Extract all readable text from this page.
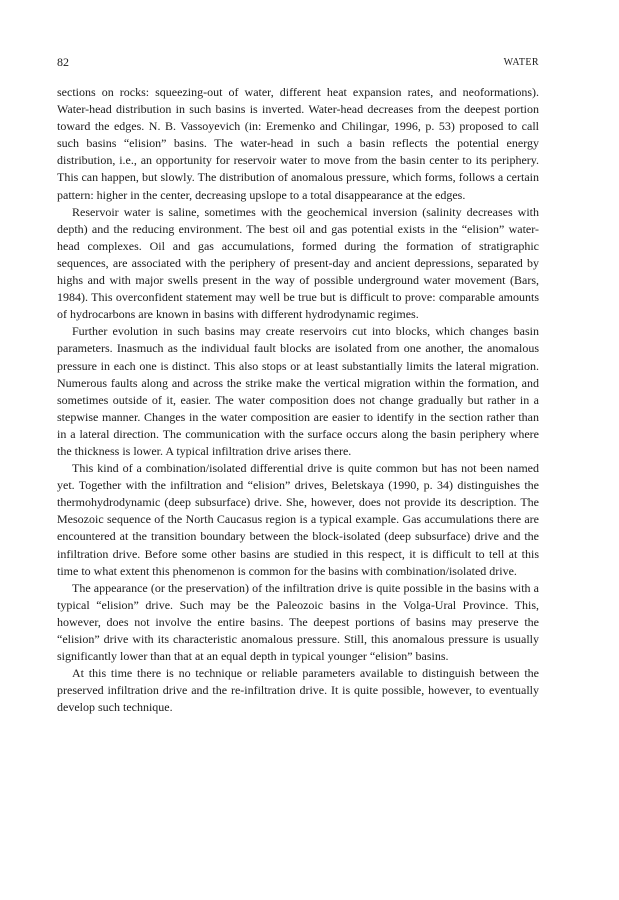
82	WATER

sections on rocks: squeezing-out of water, different heat expansion rates, and neoformations). Water-head distribution in such basins is inverted. Water-head decreases from the deepest portion toward the edges. N. B. Vassoyevich (in: Eremenko and Chilingar, 1996, p. 53) proposed to call such basins “elision” basins. The water-head in such a basin reflects the potential energy distribution, i.e., an opportunity for reservoir water to move from the basin center to its periphery. This can happen, but slowly. The distribution of anomalous pressure, which forms, follows a certain pattern: higher in the center, decreasing upslope to a total disappearance at the edges.

Reservoir water is saline, sometimes with the geochemical inversion (salinity decreases with depth) and the reducing environment. The best oil and gas potential exists in the “elision” water-head complexes. Oil and gas accumulations, formed during the formation of stratigraphic sequences, are associated with the periphery of present-day and ancient depressions, separated by highs and with major swells present in the way of possible underground water movement (Bars, 1984). This overconfident statement may well be true but is difficult to prove: comparable amounts of hydrocarbons are known in basins with different hydrodynamic regimes.

Further evolution in such basins may create reservoirs cut into blocks, which changes basin parameters. Inasmuch as the individual fault blocks are isolated from one another, the anomalous pressure in each one is distinct. This also stops or at least substantially limits the lateral migration. Numerous faults along and across the strike make the vertical migration within the formation, and sometimes outside of it, easier. The water composition does not change gradually but rather in a stepwise manner. Changes in the water composition are easier to identify in the section rather than in a lateral direction. The communication with the surface occurs along the basin periphery where the thickness is lower. A typical infiltration drive arises there.

This kind of a combination/isolated differential drive is quite common but has not been named yet. Together with the infiltration and “elision” drives, Beletskaya (1990, p. 34) distinguishes the thermohydrodynamic (deep subsurface) drive. She, however, does not provide its description. The Mesozoic sequence of the North Caucasus region is a typical example. Gas accumulations there are encountered at the transition boundary between the block-isolated (deep subsurface) drive and the infiltration drive. Before some other basins are studied in this respect, it is difficult to tell at this time to what extent this phenomenon is common for the basins with combination/isolated drive.

The appearance (or the preservation) of the infiltration drive is quite possible in the basins with a typical “elision” drive. Such may be the Paleozoic basins in the Volga-Ural Province. This, however, does not involve the entire basins. The deepest portions of basins may preserve the “elision” drive with its characteristic anomalous pressure. Still, this anomalous pressure is usually significantly lower than that at an equal depth in typical younger “elision” basins.

At this time there is no technique or reliable parameters available to distinguish between the preserved infiltration drive and the re-infiltration drive. It is quite possible, however, to eventually develop such technique.
